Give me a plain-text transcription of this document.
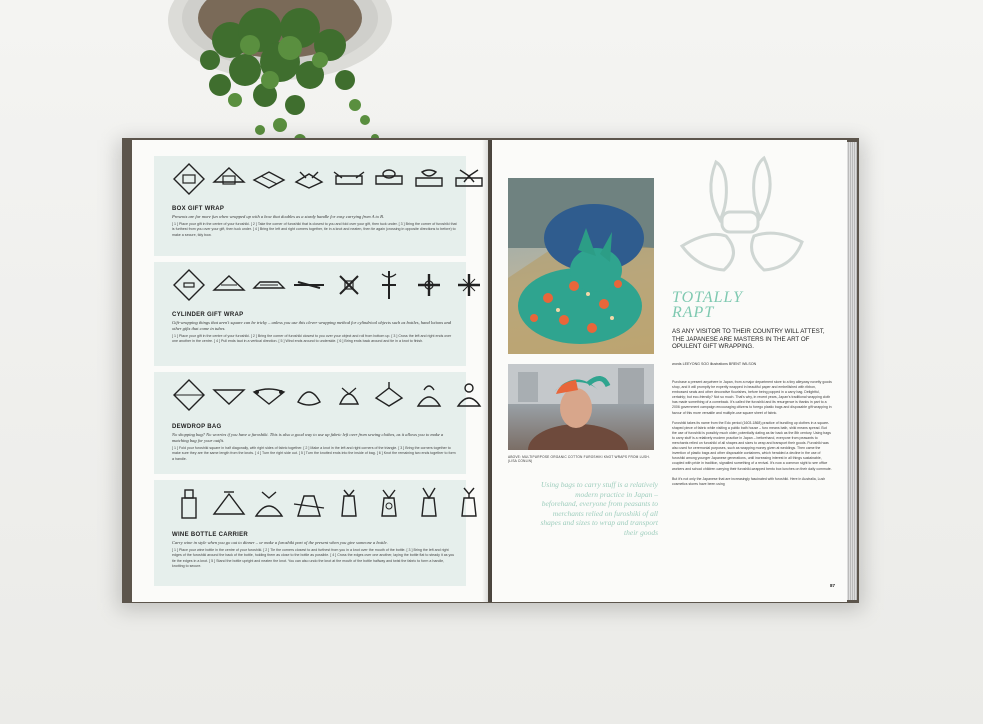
BOX GIFT WRAP
Presents are far more fun when wrapped up with a bow that doubles as a sturdy handle for easy carrying from A to B.
[ 1 ] Place your gift in the centre of your furoshiki. [ 2 ] Take the corner of furoshiki that is closest to you and fold over your gift, then tuck under. [ 3 ] Bring the corner of furoshiki that is furthest from you over your gift, then tuck under. [ 4 ] Bring the left and right corners together, tie in a knot and neaten, then tie again (crossing in opposite directions to before) to make a secure, tidy bow.
CYLINDER GIFT WRAP
Gift-wrapping things that aren't square can be tricky – unless you use this clever wrapping method for cylindrical objects such as bottles, hand lotions and other gifts that come in tubes.
[ 1 ] Place your gift in the centre of your furoshiki. [ 2 ] Bring the corner of furoshiki closest to you over your object and roll from bottom up. [ 3 ] Cross the left and right ends over one another in the centre. [ 4 ] Pull ends taut in a vertical direction. [ 5 ] Wind ends around to underside. [ 6 ] Bring ends back around and tie in a knot to finish.
DEWDROP BAG
No shopping bag? No worries if you have a furoshiki. This is also a good way to use up fabric left over from sewing clothes, as it allows you to make a matching bag for your outfit.
[ 1 ] Fold your furoshiki square in half diagonally, with right sides of fabric together. [ 2 ] Make a knot in the left and right corners of the triangle. [ 3 ] Bring the corners together to make sure they are the same length from the knots. [ 4 ] Turn the right side out. [ 5 ] Turn the knotted ends into the inside of bag. [ 6 ] Knot the remaining two ends together to form a handle.
WINE BOTTLE CARRIER
Carry wine in style when you go out to dinner – or make a furoshiki part of the present when you give someone a bottle.
[ 1 ] Place your wine bottle in the centre of your furoshiki. [ 2 ] Tie the corners closest to and furthest from you in a knot over the mouth of the bottle. [ 3 ] Bring the left and right edges of the furoshiki around the back of the bottle, holding them as close to the bottle as possible. [ 4 ] Cross the edges over one another, laying the bottle flat to steady it as you tie the edges in a knot. [ 5 ] Stand the bottle upright and neaten the knot. You can also undo the knot at the mouth of the bottle halfway and twist the fabric to form a handle, knotting to secure.
ABOVE: MULTIPURPOSE ORGANIC COTTON FUROSHIKI KNOT WRAPS FROM LUSH. (LISA CONLIN)
Using bags to carry stuff is a relatively modern practice in Japan – beforehand, everyone from peasants to merchants relied on furoshiki of all shapes and sizes to wrap and transport their goods
TOTALLY
RAPT
AS ANY VISITOR TO THEIR COUNTRY WILL ATTEST, THE JAPANESE ARE MASTERS IN THE ART OF OPULENT GIFT WRAPPING.
words LEEYONG SOO illustrations BRENT WILSON

Purchase a present anywhere in Japan, from a major department store to a tiny alleyway novelty goods shop, and it will promptly be expertly wrapped in beautiful paper and embellished with ribbon, embossed seals and other decorative flourishes, before being popped in a carry bag. Delightful, certainly; but eco-friendly? Not so much. That's why, in recent years, Japan's traditional wrapping cloth has made something of a comeback. It's called the furoshiki and its resurgence is thanks in part to a 2006 government campaign encouraging citizens to forego plastic bags and disposable gift wrapping in favour of this more versatile and multiple-use square sheet of fabric.

Furoshiki takes its name from the Edo period (1603-1868) practice of bundling up clothes in a square-shaped piece of fabric while visiting a public bath house – furo means bath, shiki means spread. But the use of furoshiki is possibly much older, potentially dating as far back as the 8th century. Using bags to carry stuff is a relatively modern practice in Japan – beforehand, everyone from peasants to merchants relied on furoshiki of all shapes and sizes to wrap and transport their goods. Furoshiki was also used for ceremonial purposes, such as wrapping money given at weddings. Then came the invention of plastic bags and other disposable containers, which heralded a decline in the use of furoshiki among younger Japanese generations, until increasing interest in all things sustainable, coupled with pride in tradition, signalled something of a revival. It's now a common sight to see office workers and school children carrying their furoshiki-wrapped bento box lunches on their daily commute.

But it's not only the Japanese that are increasingly fascinated with furoshiki. Here in Australia, Lush cosmetics stores have been using

87
